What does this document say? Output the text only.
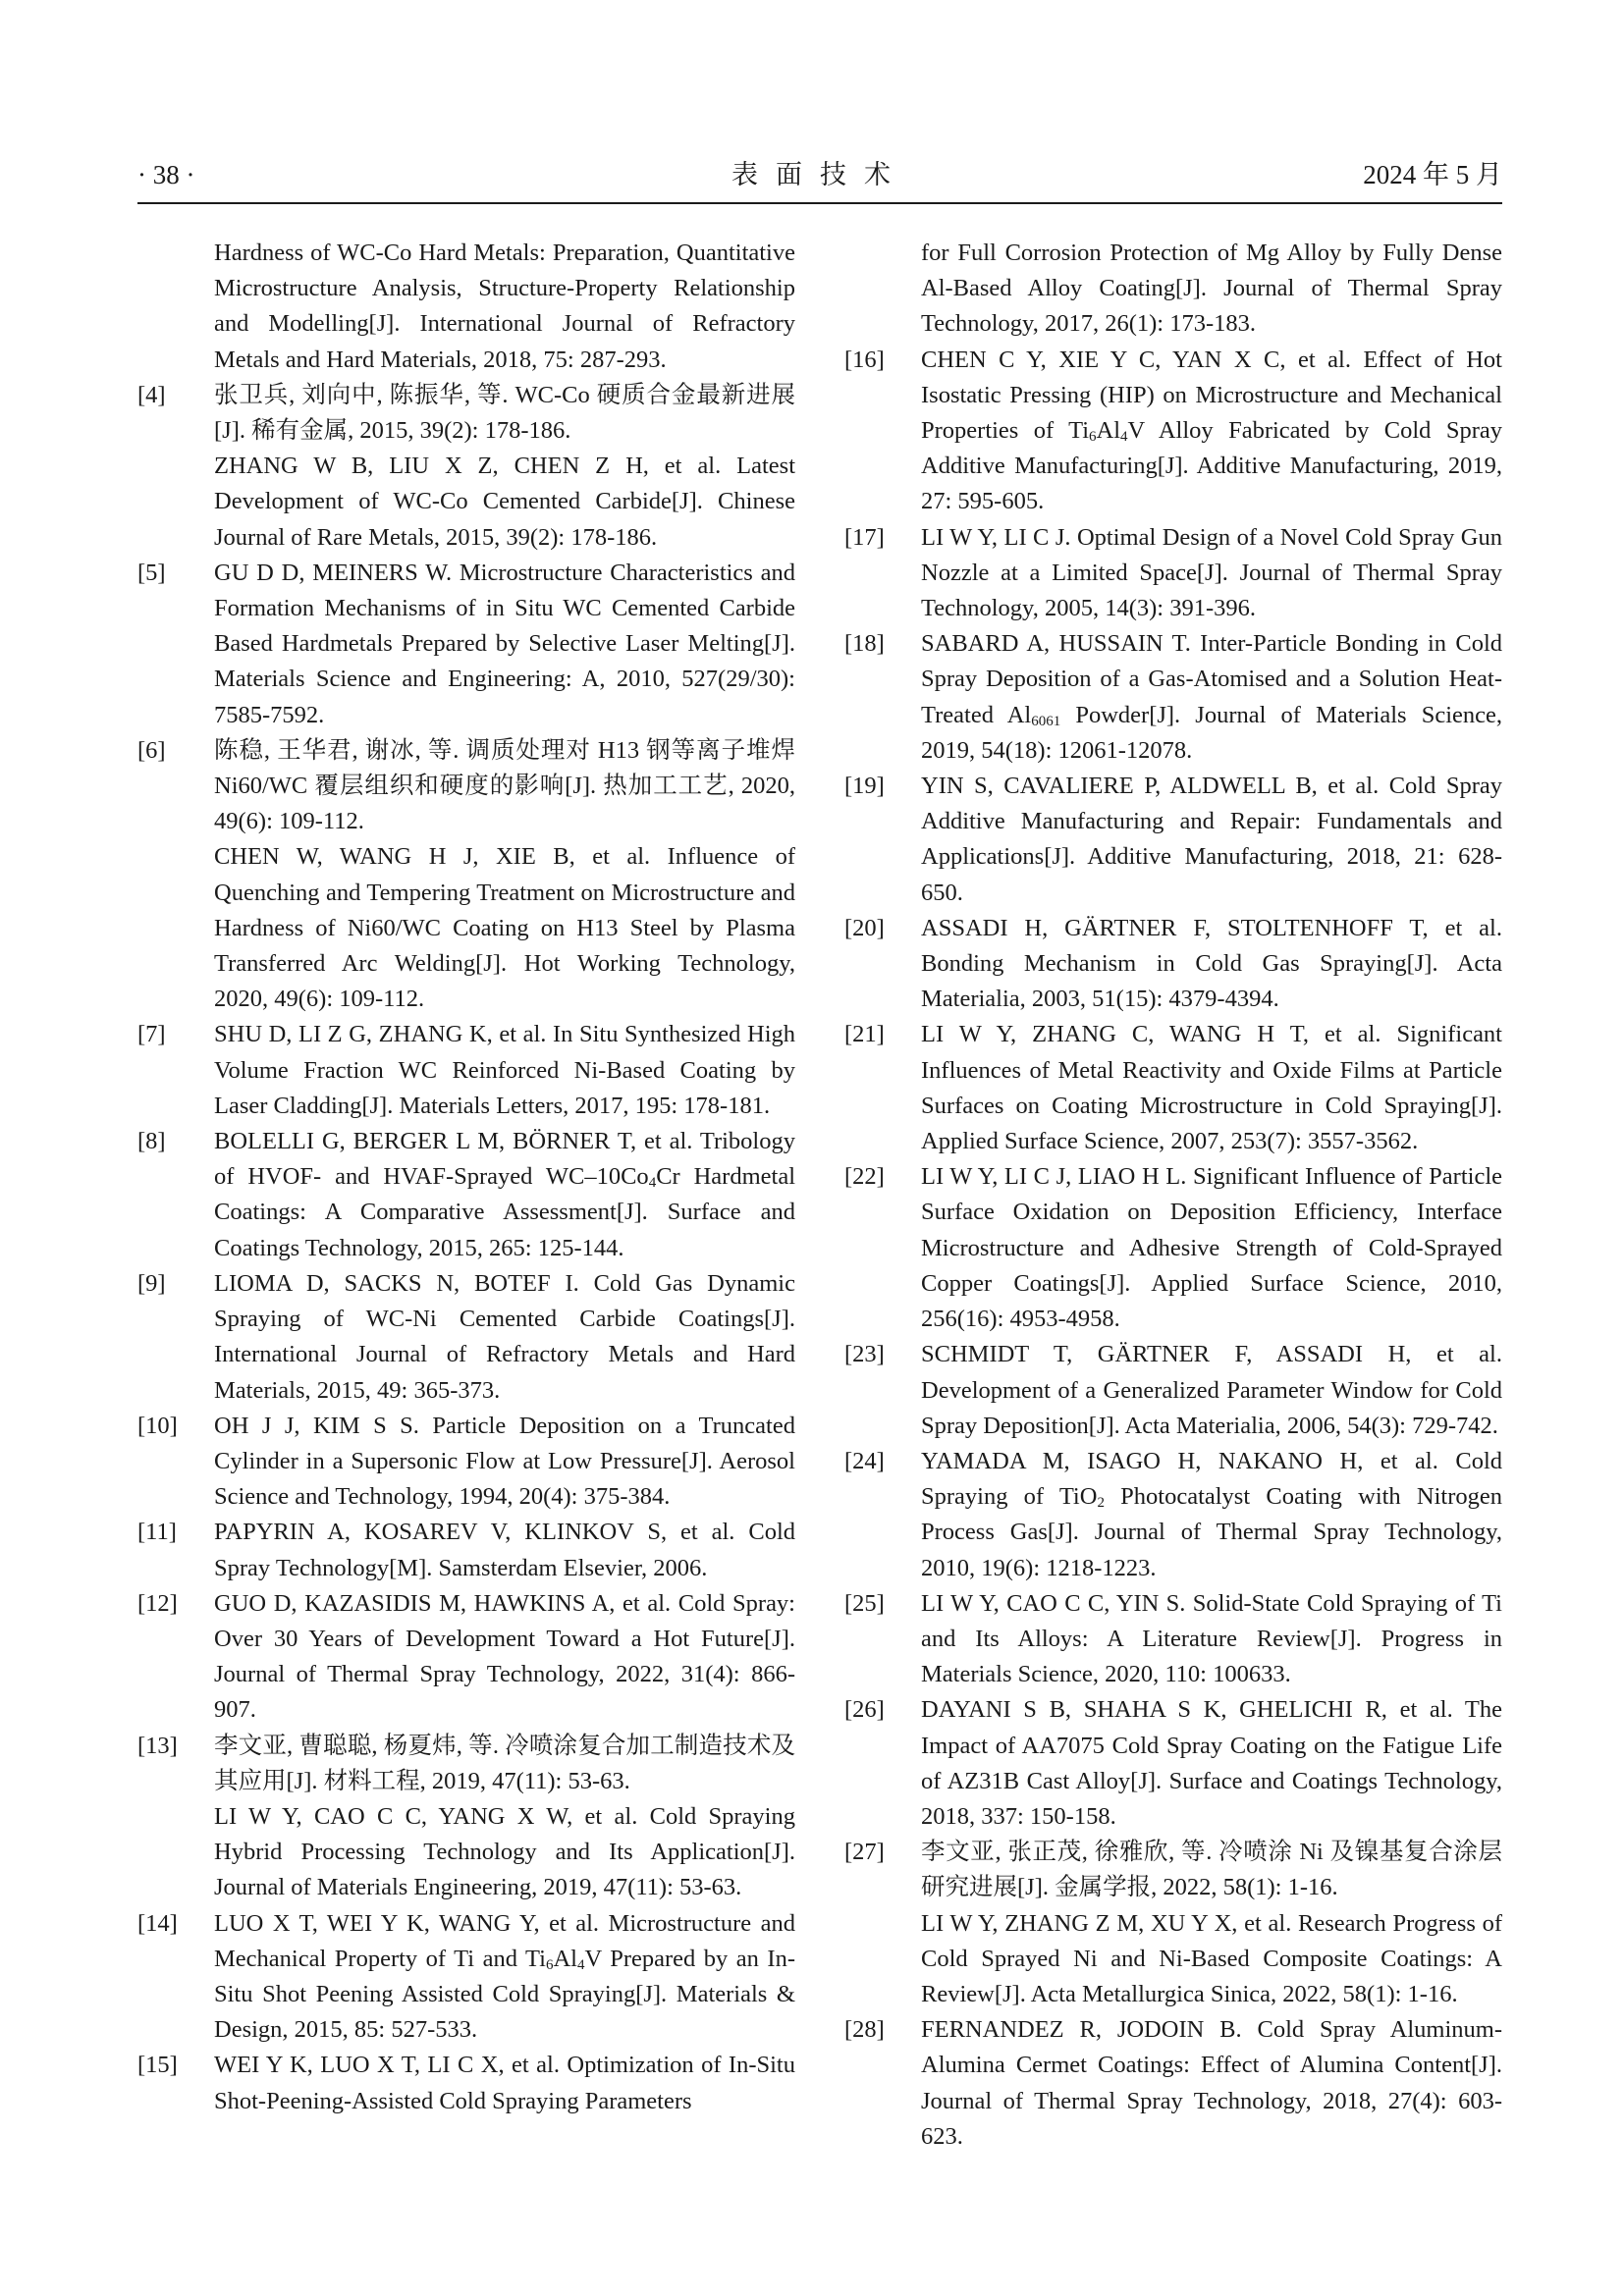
· 38 ·	表面技术	2024 年 5 月

Hardness of WC-Co Hard Metals: Preparation, Quantitative Microstructure Analysis, Structure-Property Relationship and Modelling[J]. International Journal of Refractory Metals and Hard Materials, 2018, 75: 287-293.

[4] 张卫兵, 刘向中, 陈振华, 等. WC-Co 硬质合金最新进展[J]. 稀有金属, 2015, 39(2): 178-186.

ZHANG W B, LIU X Z, CHEN Z H, et al. Latest Development of WC-Co Cemented Carbide[J]. Chinese Journal of Rare Metals, 2015, 39(2): 178-186.

[5] GU D D, MEINERS W. Microstructure Characteristics and Formation Mechanisms of in Situ WC Cemented Carbide Based Hardmetals Prepared by Selective Laser Melting[J]. Materials Science and Engineering: A, 2010, 527(29/30): 7585-7592.

[6] 陈稳, 王华君, 谢冰, 等. 调质处理对 H13 钢等离子堆焊 Ni60/WC 覆层组织和硬度的影响[J]. 热加工工艺, 2020, 49(6): 109-112.

CHEN W, WANG H J, XIE B, et al. Influence of Quenching and Tempering Treatment on Microstructure and Hardness of Ni60/WC Coating on H13 Steel by Plasma Transferred Arc Welding[J]. Hot Working Technology, 2020, 49(6): 109-112.

[7] SHU D, LI Z G, ZHANG K, et al. In Situ Synthesized High Volume Fraction WC Reinforced Ni-Based Coating by Laser Cladding[J]. Materials Letters, 2017, 195: 178-181.

[8] BOLELLI G, BERGER L M, BÖRNER T, et al. Tribology of HVOF- and HVAF-Sprayed $WC-10Co_4Cr$ Hardmetal Coatings: A Comparative Assessment[J]. Surface and Coatings Technology, 2015, 265: 125-144.

[9] LIOMA D, SACKS N, BOTEF I. Cold Gas Dynamic Spraying of WC-Ni Cemented Carbide Coatings[J]. International Journal of Refractory Metals and Hard Materials, 2015, 49: 365-373.

[10] OH J J, KIM S S. Particle Deposition on a Truncated Cylinder in a Supersonic Flow at Low Pressure[J]. Aerosol Science and Technology, 1994, 20(4): 375-384.

[11] PAPYRIN A, KOSAREV V, KLINKOV S, et al. Cold Spray Technology[M]. Samsterdam Elsevier, 2006.

[12] GUO D, KAZASIDIS M, HAWKINS A, et al. Cold Spray: Over 30 Years of Development Toward a Hot Future[J]. Journal of Thermal Spray Technology, 2022, 31(4): 866-907.

[13] 李文亚, 曹聪聪, 杨夏炜, 等. 冷喷涂复合加工制造技术及其应用[J]. 材料工程, 2019, 47(11): 53-63.

LI W Y, CAO C C, YANG X W, et al. Cold Spraying Hybrid Processing Technology and Its Application[J]. Journal of Materials Engineering, 2019, 47(11): 53-63.

[14] LUO X T, WEI Y K, WANG Y, et al. Microstructure and Mechanical Property of Ti and $Ti_6Al_4V$ Prepared by an In-Situ Shot Peening Assisted Cold Spraying[J]. Materials & Design, 2015, 85: 527-533.

[15] WEI Y K, LUO X T, LI C X, et al. Optimization of In-Situ Shot-Peening-Assisted Cold Spraying Parameters

for Full Corrosion Protection of Mg Alloy by Fully Dense Al-Based Alloy Coating[J]. Journal of Thermal Spray Technology, 2017, 26(1): 173-183.

[16] CHEN C Y, XIE Y C, YAN X C, et al. Effect of Hot Isostatic Pressing (HIP) on Microstructure and Mechanical Properties of $Ti_6Al_4V$ Alloy Fabricated by Cold Spray Additive Manufacturing[J]. Additive Manufacturing, 2019, 27: 595-605.

[17] LI W Y, LI C J. Optimal Design of a Novel Cold Spray Gun Nozzle at a Limited Space[J]. Journal of Thermal Spray Technology, 2005, 14(3): 391-396.

[18] SABARD A, HUSSAIN T. Inter-Particle Bonding in Cold Spray Deposition of a Gas-Atomised and a Solution Heat-Treated $Al_{6061}$ Powder[J]. Journal of Materials Science, 2019, 54(18): 12061-12078.

[19] YIN S, CAVALIERE P, ALDWELL B, et al. Cold Spray Additive Manufacturing and Repair: Fundamentals and Applications[J]. Additive Manufacturing, 2018, 21: 628-650.

[20] ASSADI H, GÄRTNER F, STOLTENHOFF T, et al. Bonding Mechanism in Cold Gas Spraying[J]. Acta Materialia, 2003, 51(15): 4379-4394.

[21] LI W Y, ZHANG C, WANG H T, et al. Significant Influences of Metal Reactivity and Oxide Films at Particle Surfaces on Coating Microstructure in Cold Spraying[J]. Applied Surface Science, 2007, 253(7): 3557-3562.

[22] LI W Y, LI C J, LIAO H L. Significant Influence of Particle Surface Oxidation on Deposition Efficiency, Interface Microstructure and Adhesive Strength of Cold-Sprayed Copper Coatings[J]. Applied Surface Science, 2010, 256(16): 4953-4958.

[23] SCHMIDT T, GÄRTNER F, ASSADI H, et al. Development of a Generalized Parameter Window for Cold Spray Deposition[J]. Acta Materialia, 2006, 54(3): 729-742.

[24] YAMADA M, ISAGO H, NAKANO H, et al. Cold Spraying of TiO$_2$ Photocatalyst Coating with Nitrogen Process Gas[J]. Journal of Thermal Spray Technology, 2010, 19(6): 1218-1223.

[25] LI W Y, CAO C C, YIN S. Solid-State Cold Spraying of Ti and Its Alloys: A Literature Review[J]. Progress in Materials Science, 2020, 110: 100633.

[26] DAYANI S B, SHAHA S K, GHELICHI R, et al. The Impact of AA7075 Cold Spray Coating on the Fatigue Life of AZ31B Cast Alloy[J]. Surface and Coatings Technology, 2018, 337: 150-158.

[27] 李文亚, 张正茂, 徐雅欣, 等. 冷喷涂 Ni 及镍基复合涂层研究进展[J]. 金属学报, 2022, 58(1): 1-16.

LI W Y, ZHANG Z M, XU Y X, et al. Research Progress of Cold Sprayed Ni and Ni-Based Composite Coatings: A Review[J]. Acta Metallurgica Sinica, 2022, 58(1): 1-16.

[28] FERNANDEZ R, JODOIN B. Cold Spray Aluminum-Alumina Cermet Coatings: Effect of Alumina Content[J]. Journal of Thermal Spray Technology, 2018, 27(4): 603-623.
